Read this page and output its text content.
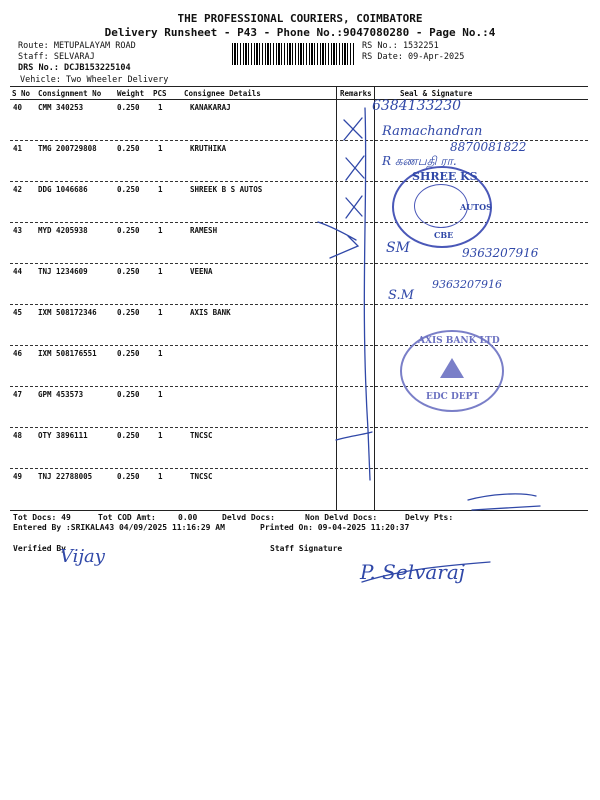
THE PROFESSIONAL COURIERS, COIMBATORE
Delivery Runsheet - P43 - Phone No.:9047080280 - Page No.:4
Route: METUPALAYAM ROAD
Staff: SELVARAJ
DRS No.: DCJB153225104
Vehicle: Two Wheeler Delivery
RS No.: 1532251
RS Date: 09-Apr-2025
S No Consignment No Weight PCS Consignee Details	Remarks	Seal & Signature
40 CMM 340253	0.250 1	KANAKARAJ
41 TMG 200729808	0.250 1	KRUTHIKA
42 DDG 1046686	0.250 1	SHREEK B S AUTOS
43 MYD 4205938	0.250 1	RAMESH
44 TNJ 1234609	0.250 1	VEENA
45 IXM 508172346	0.250 1	AXIS BANK
46 IXM 508176551	0.250 1
47 GPM 453573	0.250 1
48 OTY 3896111	0.250 1	TNCSC
49 TNJ 22788005	0.250 1	TNCSC
Tot Docs: 49	Tot COD Amt:	0.00	Delvd Docs:	Non Delvd Docs:	Delvy Pts:
Entered By :SRIKALA43 04/09/2025 11:16:29 AM	Printed On: 09-04-2025 11:20:37
Verified By	Staff Signature
6384133230
Ramachandran
8870081822
R கணபதி ரா.
SM	9363207916
S.M
9363207916
P. Selvaraj
Vijay
SHREE KS
AUTOS
CBE
AXIS BANK LTD
EDC DEPT
